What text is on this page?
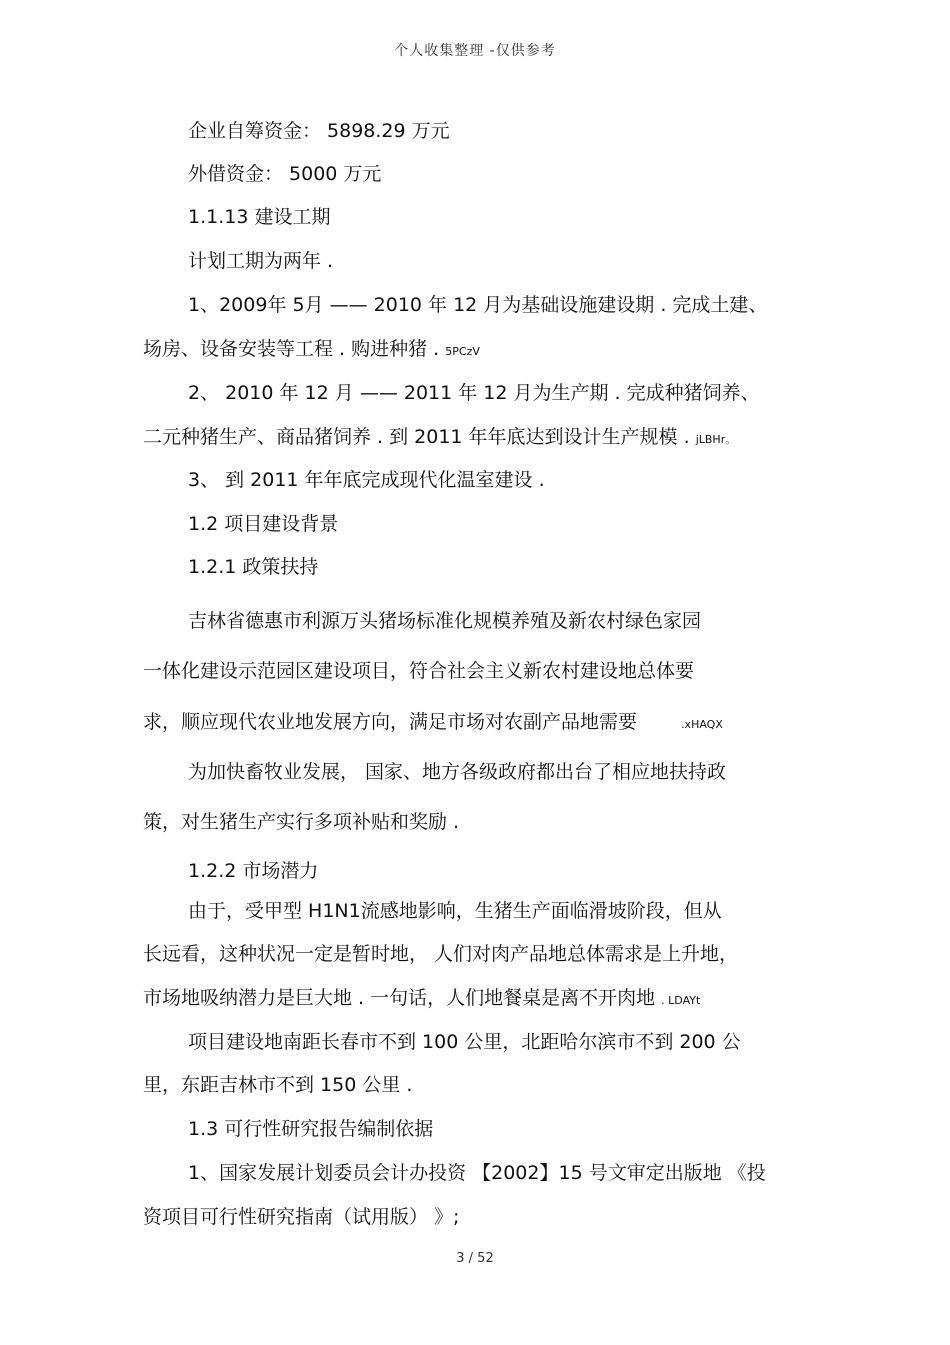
个人收集整理 -仅供参考
企业自筹资金： 5898.29 万元
外借资金： 5000 万元
1.1.13 建设工期
计划工期为两年 .
1、2009年 5月 —— 2010 年 12 月为基础设施建设期 . 完成土建、
场房、设备安装等工程 . 购进种猪 . 5PCzV
2、 2010 年 12 月 —— 2011 年 12 月为生产期 . 完成种猪饲养、
二元种猪生产、商品猪饲养 . 到 2011 年年底达到设计生产规模 . jLBHr。
3、 到 2011 年年底完成现代化温室建设 .
1.2 项目建设背景
1.2.1 政策扶持
吉林省德惠市利源万头猪场标准化规模养殖及新农村绿色家园
一体化建设示范园区建设项目，符合社会主义新农村建设地总体要
求，顺应现代农业地发展方向，满足市场对农副产品地需要	.xHAQX
为加快畜牧业发展， 国家、地方各级政府都出台了相应地扶持政
策，对生猪生产实行多项补贴和奖励 .
1.2.2 市场潜力
由于，受甲型 H1N1流感地影响，生猪生产面临滑坡阶段，但从
长远看，这种状况一定是暂时地， 人们对肉产品地总体需求是上升地，
市场地吸纳潜力是巨大地 . 一句话，人们地餐桌是离不开肉地 . LDAYt
项目建设地南距长春市不到 100 公里，北距哈尔滨市不到 200 公
里，东距吉林市不到 150 公里 .
1.3 可行性研究报告编制依据
1、国家发展计划委员会计办投资 【2002】15 号文审定出版地 《投
资项目可行性研究指南（试用版） 》;
3 / 52
